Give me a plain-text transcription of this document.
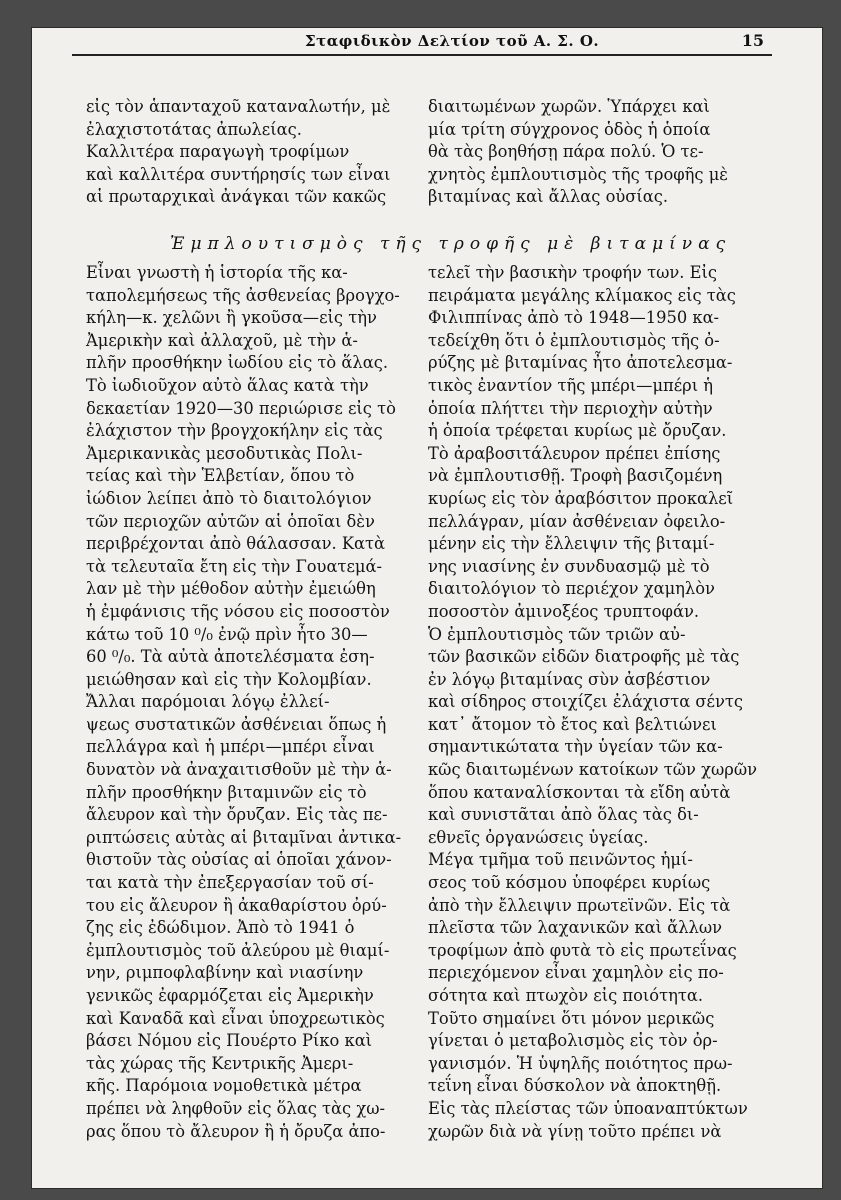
Σταφιδικὸν Δελτίον τοῦ Α. Σ. Ο.	15
εἰς τὸν ἁπανταχοῦ καταναλωτήν, μὲ
ἐλαχιστοτάτας ἀπωλείας.
Καλλιτέρα παραγωγὴ τροφίμων
καὶ καλλιτέρα συντήρησίς των εἶναι
αἱ πρωταρχικαὶ ἀνάγκαι τῶν κακῶς
διαιτωμένων χωρῶν. Ὑπάρχει καὶ
μία τρίτη σύγχρονος ὁδὸς ἡ ὁποία
θὰ τὰς βοηθήσῃ πάρα πολύ. Ὁ τε-
χνητὸς ἐμπλουτισμὸς τῆς τροφῆς μὲ
βιταμίνας καὶ ἄλλας οὐσίας.
Ἐμπλουτισμὸς τῆς τροφῆς μὲ βιταμίνας
Εἶναι γνωστὴ ἡ ἱστορία τῆς κα-
ταπολεμήσεως τῆς ἀσθενείας βρογχο-
κήλη—κ. χελῶνι ἢ γκοῦσα—εἰς τὴν
Ἀμερικὴν καὶ ἀλλαχοῦ, μὲ τὴν ἁ-
πλῆν προσθήκην ἰωδίου εἰς τὸ ἅλας.
Τὸ ἰωδιοῦχον αὐτὸ ἅλας κατὰ τὴν
δεκαετίαν 1920—30 περιώρισε εἰς τὸ
ἐλάχιστον τὴν βρογχοκήλην εἰς τὰς
Ἀμερικανικὰς μεσοδυτικὰς Πολι-
τείας καὶ τὴν Ἑλβετίαν, ὅπου τὸ
ἰώδιον λείπει ἀπὸ τὸ διαιτολόγιον
τῶν περιοχῶν αὐτῶν αἱ ὁποῖαι δὲν
περιβρέχονται ἀπὸ θάλασσαν. Κατὰ
τὰ τελευταῖα ἔτη εἰς τὴν Γουατεμά-
λαν μὲ τὴν μέθοδον αὐτὴν ἐμειώθη
ἡ ἐμφάνισις τῆς νόσου εἰς ποσοστὸν
κάτω τοῦ 10 ⁰/₀ ἐνῷ πρὶν ἦτο 30—
60 ⁰/₀. Τὰ αὐτὰ ἀποτελέσματα ἐση-
μειώθησαν καὶ εἰς τὴν Κολομβίαν.
Ἄλλαι παρόμοιαι λόγῳ ἐλλεί-
ψεως συστατικῶν ἀσθένειαι ὅπως ἡ
πελλάγρα καὶ ἡ μπέρι—μπέρι εἶναι
δυνατὸν νὰ ἀναχαιτισθοῦν μὲ τὴν ἁ-
πλῆν προσθήκην βιταμινῶν εἰς τὸ
ἄλευρον καὶ τὴν ὄρυζαν. Εἰς τὰς πε-
ριπτώσεις αὐτὰς αἱ βιταμῖναι ἀντικα-
θιστοῦν τὰς οὐσίας αἱ ὁποῖαι χάνον-
ται κατὰ τὴν ἐπεξεργασίαν τοῦ σί-
του εἰς ἄλευρον ἢ ἀκαθαρίστου ὀρύ-
ζης εἰς ἐδώδιμον. Ἀπὸ τὸ 1941 ὁ
ἐμπλουτισμὸς τοῦ ἀλεύρου μὲ θιαμί-
νην, ριμποφλαβίνην καὶ νιασίνην
γενικῶς ἐφαρμόζεται εἰς Ἀμερικὴν
καὶ Καναδᾶ καὶ εἶναι ὑποχρεωτικὸς
βάσει Νόμου εἰς Πουέρτο Ρίκο καὶ
τὰς χώρας τῆς Κεντρικῆς Ἀμερι-
κῆς. Παρόμοια νομοθετικὰ μέτρα
πρέπει νὰ ληφθοῦν εἰς ὅλας τὰς χω-
ρας ὅπου τὸ ἄλευρον ἢ ἡ ὄρυζα ἀπο-
τελεῖ τὴν βασικὴν τροφήν των. Εἰς
πειράματα μεγάλης κλίμακος εἰς τὰς
Φιλιππίνας ἀπὸ τὸ 1948—1950 κα-
τεδείχθη ὅτι ὁ ἐμπλουτισμὸς τῆς ὀ-
ρύζης μὲ βιταμίνας ἦτο ἀποτελεσμα-
τικὸς ἐναντίον τῆς μπέρι—μπέρι ἡ
ὁποία πλήττει τὴν περιοχὴν αὐτὴν
ἡ ὁποία τρέφεται κυρίως μὲ ὄρυζαν.
Τὸ ἀραβοσιτάλευρον πρέπει ἐπίσης
νὰ ἐμπλουτισθῇ. Τροφὴ βασιζομένη
κυρίως εἰς τὸν ἀραβόσιτον προκαλεῖ
πελλάγραν, μίαν ἀσθένειαν ὀφειλο-
μένην εἰς τὴν ἔλλειψιν τῆς βιταμί-
νης νιασίνης ἐν συνδυασμῷ μὲ τὸ
διαιτολόγιον τὸ περιέχον χαμηλὸν
ποσοστὸν ἀμινοξέος τρυπτοφάν.
Ὁ ἐμπλουτισμὸς τῶν τριῶν αὐ-
τῶν βασικῶν εἰδῶν διατροφῆς μὲ τὰς
ἐν λόγῳ βιταμίνας σὺν ἀσβέστιον
καὶ σίδηρος στοιχίζει ἐλάχιστα σέντς
κατ᾽ ἄτομον τὸ ἔτος καὶ βελτιώνει
σημαντικώτατα τὴν ὑγείαν τῶν κα-
κῶς διαιτωμένων κατοίκων τῶν χωρῶν
ὅπου καταναλίσκονται τὰ εἴδη αὐτὰ
καὶ συνιστᾶται ἀπὸ ὅλας τὰς δι-
εθνεῖς ὀργανώσεις ὑγείας.
Μέγα τμῆμα τοῦ πεινῶντος ἡμί-
σεος τοῦ κόσμου ὑποφέρει κυρίως
ἀπὸ τὴν ἔλλειψιν πρωτεϊνῶν. Εἰς τὰ
πλεῖστα τῶν λαχανικῶν καὶ ἄλλων
τροφίμων ἀπὸ φυτὰ τὸ εἰς πρωτεΐνας
περιεχόμενον εἶναι χαμηλὸν εἰς πο-
σότητα καὶ πτωχὸν εἰς ποιότητα.
Τοῦτο σημαίνει ὅτι μόνον μερικῶς
γίνεται ὁ μεταβολισμὸς εἰς τὸν ὀρ-
γανισμόν. Ἡ ὑψηλῆς ποιότητος πρω-
τεΐνη εἶναι δύσκολον νὰ ἀποκτηθῇ.
Εἰς τὰς πλείστας τῶν ὑποαναπτύκτων
χωρῶν διὰ νὰ γίνῃ τοῦτο πρέπει νὰ
